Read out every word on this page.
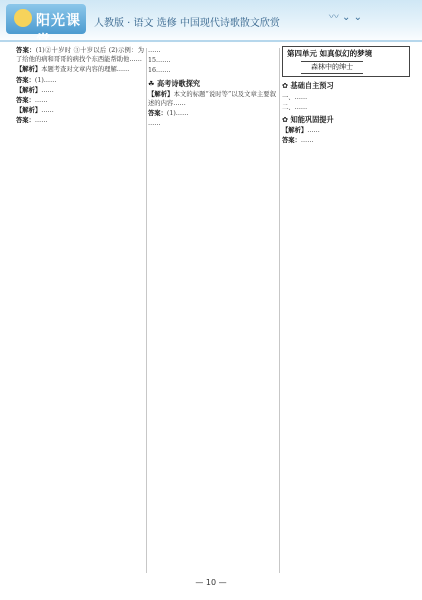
阳光课堂
人教版 · 语文 选修 中国现代诗歌散文欣赏
〰 ⌄ ⌄

答案：(1)②十岁时 ③十岁以后 (2)示例：为了给他的病和哥哥的病找个东西能帮助他……

【解析】本题考查对文章内容的理解……

答案：(1)……

【解析】……

答案：……

【解析】……

答案：……

……

15.……

16.……

☘ 高考诗歌探究

【解析】本文的标题“说时等”以及文章主要叙述的内容……

答案：(1)……

……

第四单元 如真似幻的梦境
森林中的绅士
✿ 基础自主预习

一、……

二、……

✿ 知能巩固提升

【解析】……

答案：……

— 10 —
